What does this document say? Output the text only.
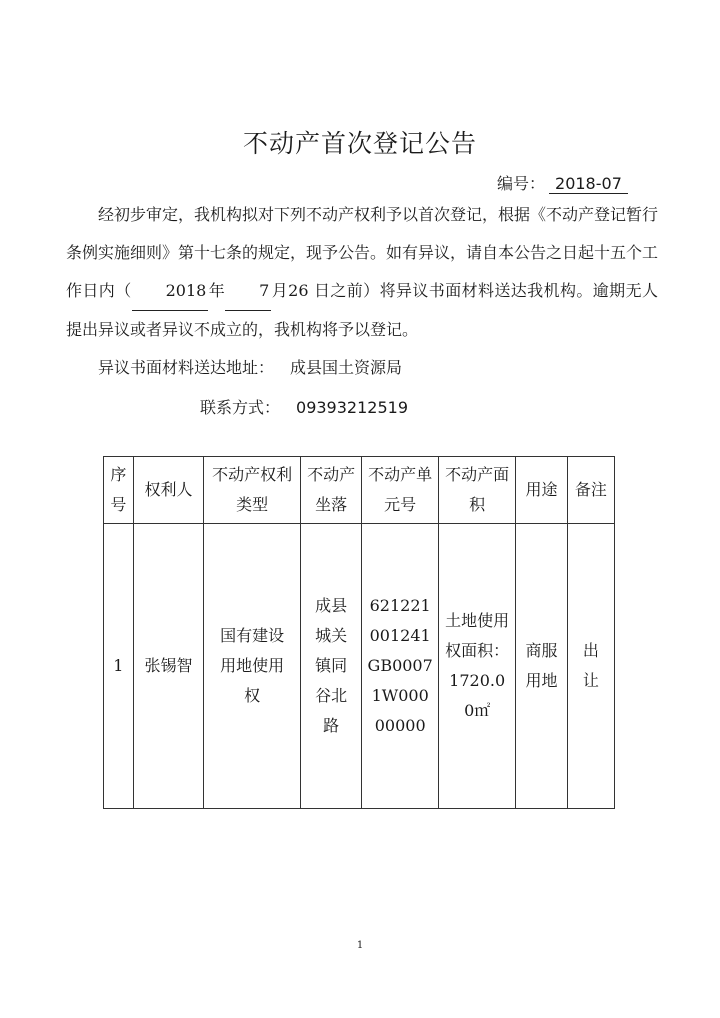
不动产首次登记公告
编号： 2018-07

经初步审定，我机构拟对下列不动产权利予以首次登记，根据《不动产登记暂行条例实施细则》第十七条的规定，现予公告。如有异议，请自本公告之日起十五个工作日内（ 2018 年 7 月26 日之前）将异议书面材料送达我机构。逾期无人提出异议或者异议不成立的，我机构将予以登记。

异议书面材料送达地址： 成县国土资源局
联系方式： 09393212519
序号	权利人	不动产权利类型	不动产坐落	不动产单元号	不动产面积	用途	备注
1	张锡智	国有建设用地使用权	成县城关镇同谷北路	621221001241GB00071W00000000	土地使用权面积：1720.00㎡	商服用地	出让
1
